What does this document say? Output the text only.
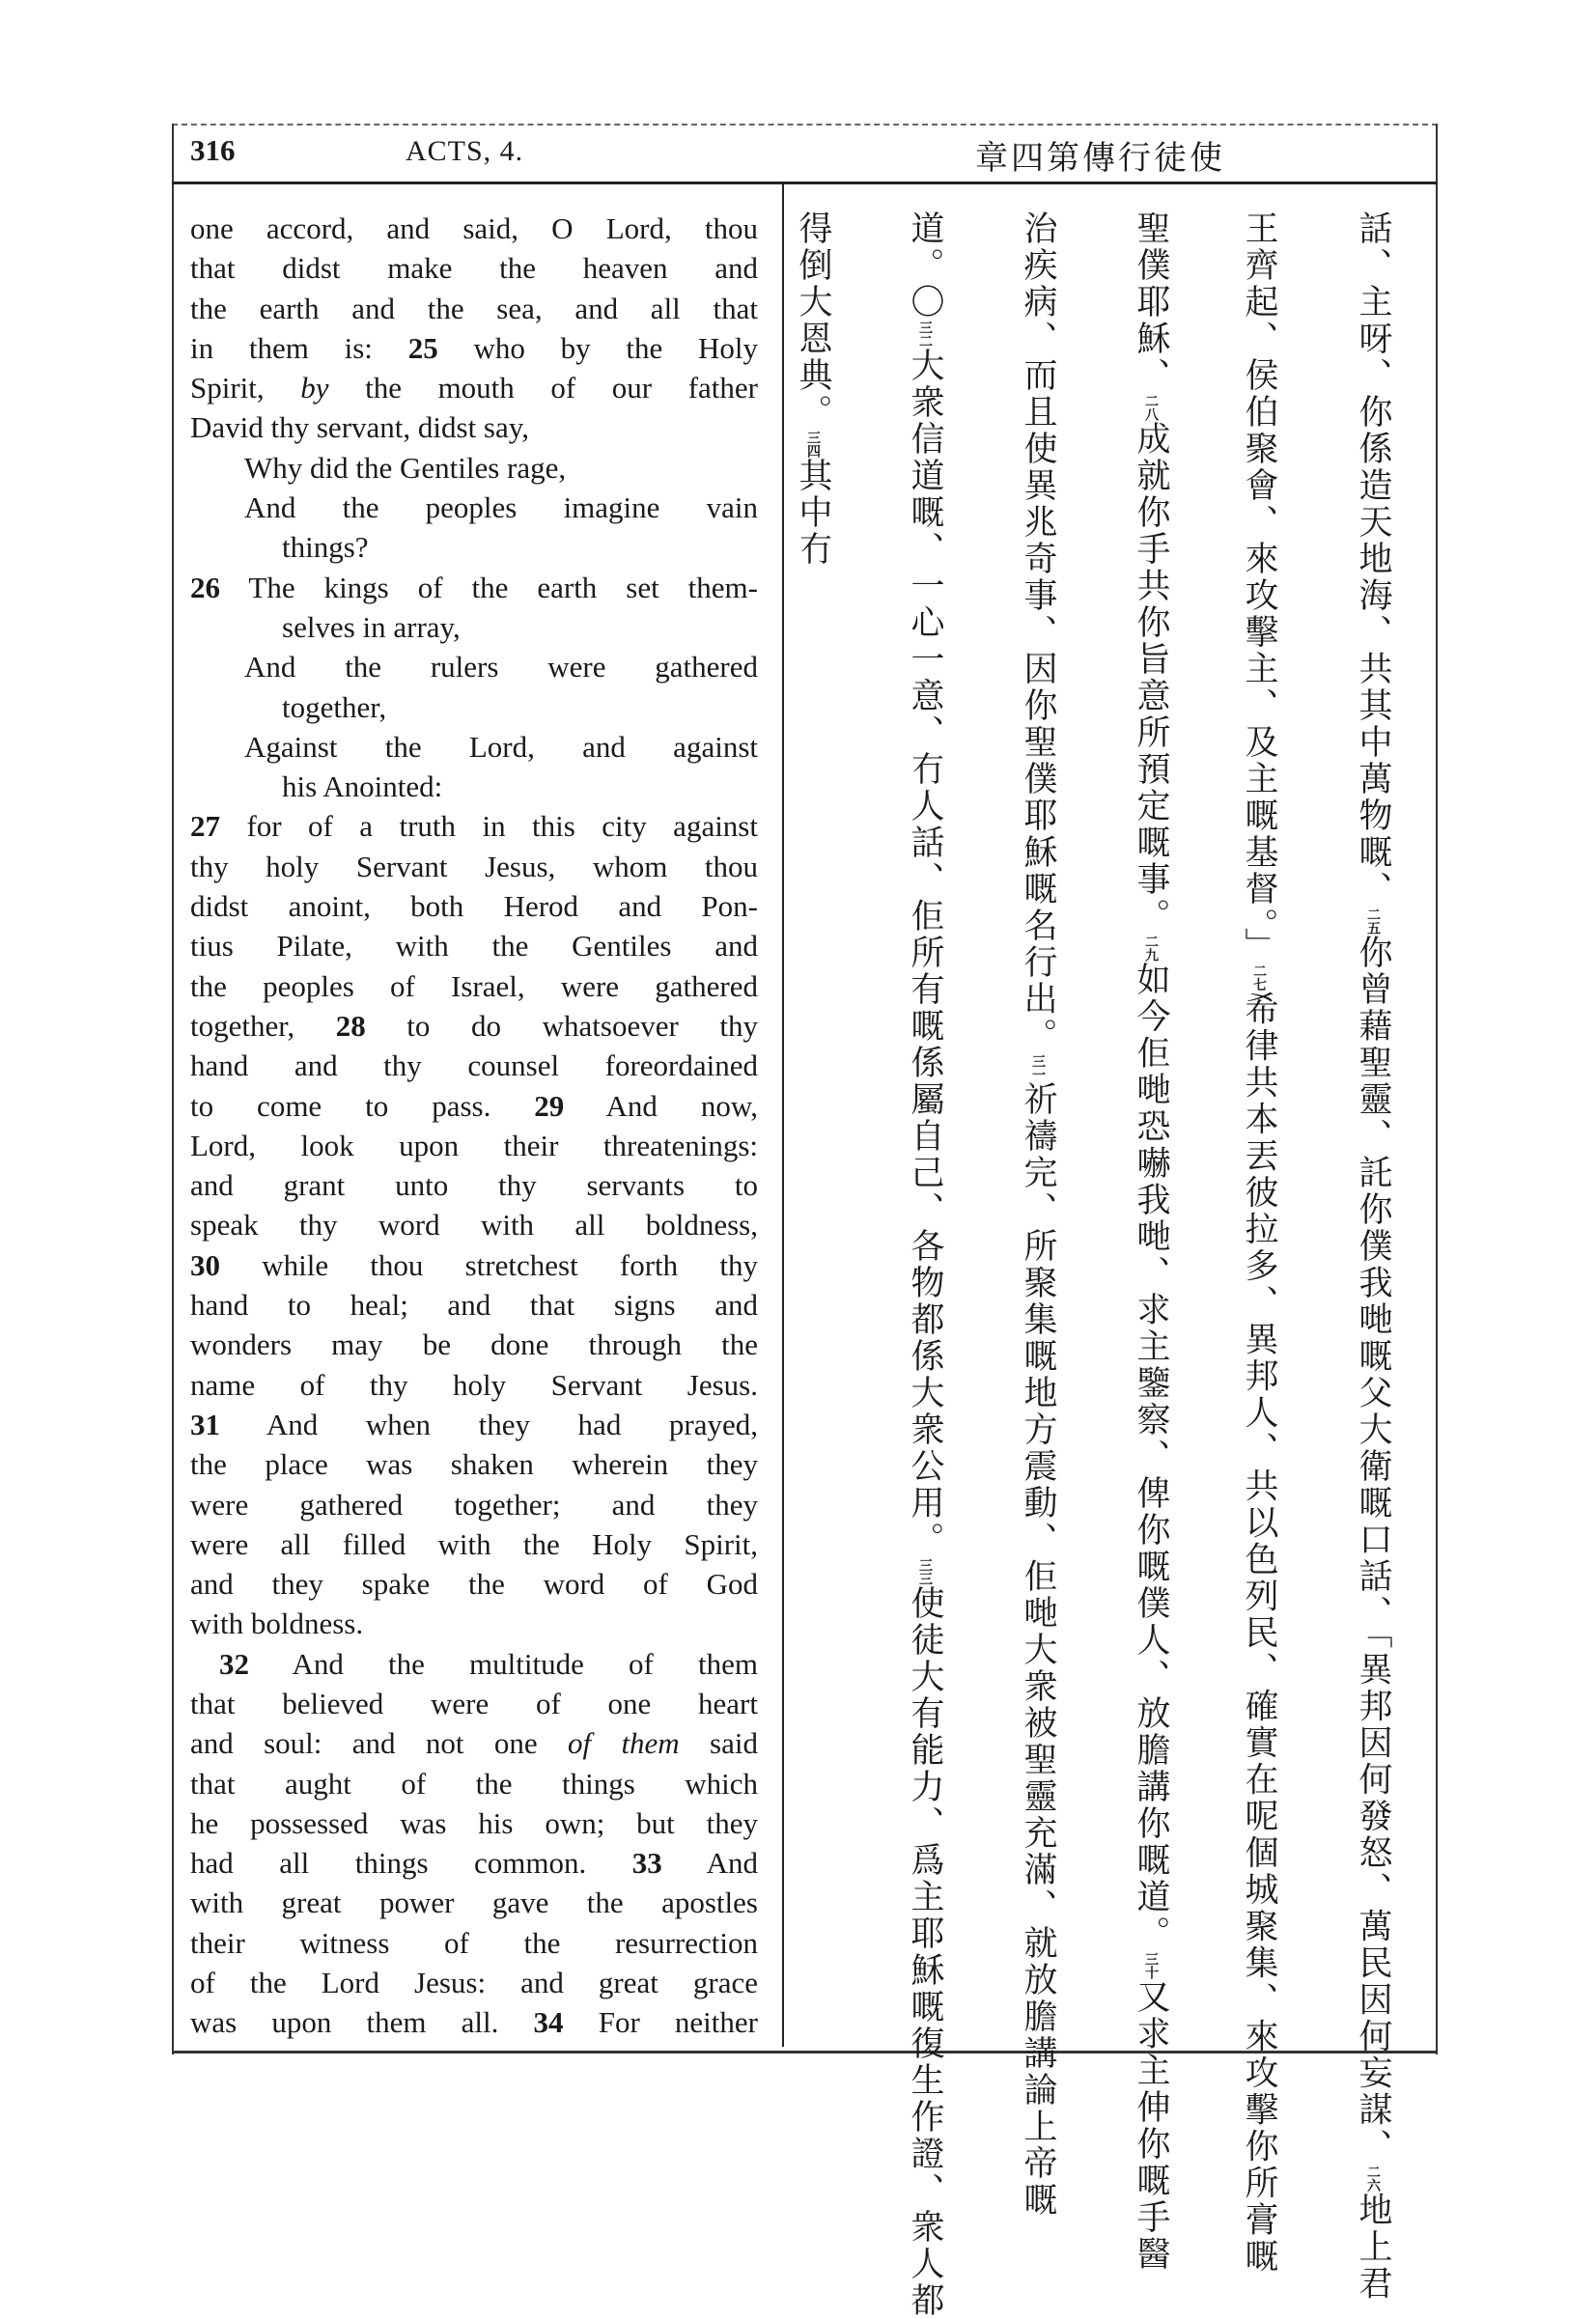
316	ACTS, 4.	使徒行傳第四章
one accord, and said, O Lord, thou
that didst make the heaven and
the earth and the sea, and all that
in them is: 25 who by the Holy
Spirit, by the mouth of our father
David thy servant, didst say,
Why did the Gentiles rage,
And the peoples imagine vain
things?
26 The kings of the earth set them-
selves in array,
And the rulers were gathered
together,
Against the Lord, and against
his Anointed:
27 for of a truth in this city against
thy holy Servant Jesus, whom thou
didst anoint, both Herod and Pon-
tius Pilate, with the Gentiles and
the peoples of Israel, were gathered
together, 28 to do whatsoever thy
hand and thy counsel foreordained
to come to pass. 29 And now,
Lord, look upon their threatenings:
and grant unto thy servants to
speak thy word with all boldness,
30 while thou stretchest forth thy
hand to heal; and that signs and
wonders may be done through the
name of thy holy Servant Jesus.
31 And when they had prayed,
the place was shaken wherein they
were gathered together; and they
were all filled with the Holy Spirit,
and they spake the word of God
with boldness.
32 And the multitude of them
that believed were of one heart
and soul: and not one of them said
that aught of the things which
he possessed was his own; but they
had all things common. 33 And
with great power gave the apostles
their witness of the resurrection
of the Lord Jesus: and great grace
was upon them all. 34 For neither
話、主呀、你係造天地海、共其中萬物嘅、二五你曾藉聖靈、託你僕我哋嘅父大衛嘅口話、「異邦因何發怒、萬民因何妄謀、二六地上君
王齊起、侯伯聚會、來攻擊主、及主嘅基督。」二七希律共本丟彼拉多、異邦人、共以色列民、確實在呢個城聚集、來攻擊你所膏嘅
聖僕耶穌、二八成就你手共你旨意所預定嘅事。二九如今佢哋恐嚇我哋、求主鑒察、俾你嘅僕人、放膽講你嘅道。三十又求主伸你嘅手醫
治疾病、而且使異兆奇事、因你聖僕耶穌嘅名行出。三一祈禱完、所聚集嘅地方震動、佢哋大衆被聖靈充滿、就放膽講論上帝嘅
道。〇三二大衆信道嘅、一心一意、冇人話、佢所有嘅係屬自己、各物都係大衆公用。三三使徒大有能力、爲主耶穌嘅復生作證、衆人都
得倒大恩典。三四其中冇
